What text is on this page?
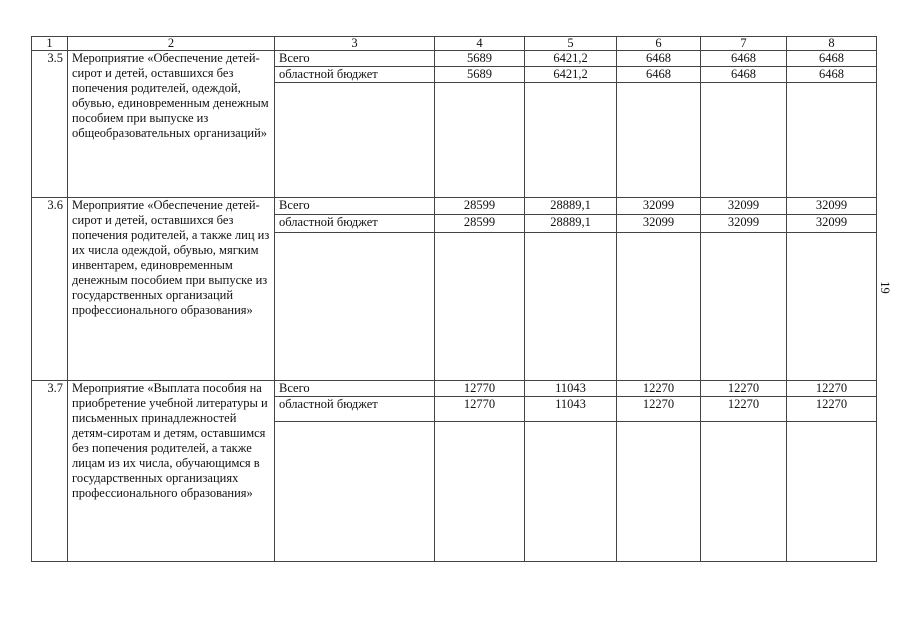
1	2	3	4	5	6	7	8
3.5	Мероприятие «Обеспечение детей-сирот и детей, оставшихся без попечения родителей, одеждой, обувью, единовременным денежным пособием при выпуске из общеобразовательных организаций»	Всего	5689	6421,2	6468	6468	6468
		областной бюджет	5689	6421,2	6468	6468	6468

3.6	Мероприятие «Обеспечение детей-сирот и детей, оставшихся без попечения родителей, а также лиц из их числа одеждой, обувью, мягким инвентарем, единовременным денежным пособием при выпуске из государственных организаций профессионального образования»	Всего	28599	28889,1	32099	32099	32099
		областной бюджет	28599	28889,1	32099	32099	32099

3.7	Мероприятие «Выплата пособия на приобретение учебной литературы и письменных принадлежностей детям-сиротам и детям, оставшимся без попечения родителей, а также лицам из их числа, обучающимся в государственных организациях профессионального образования»	Всего	12770	11043	12270	12270	12270
		областной бюджет	12770	11043	12270	12270	12270

19
